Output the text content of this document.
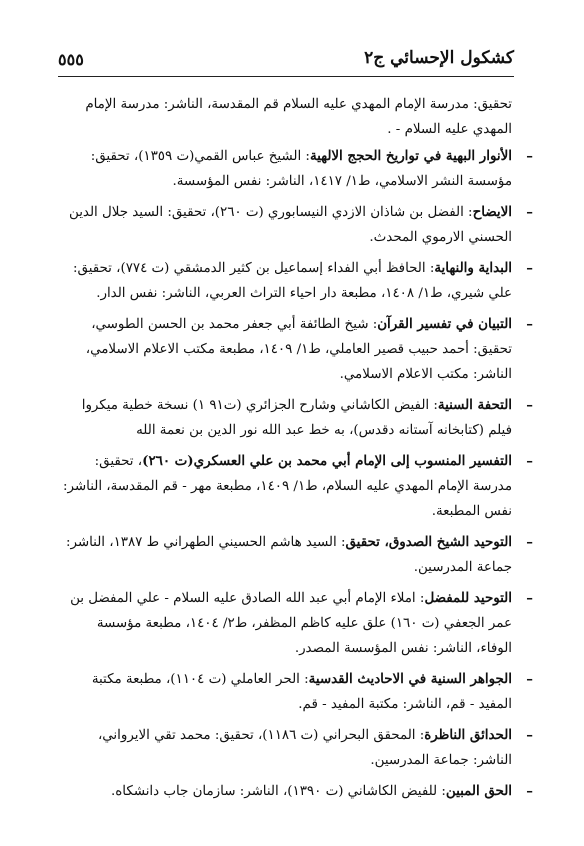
كشكول الإحسائي ج٢
٥٥٥

تحقيق: مدرسة الإمام المهدي عليه السلام قم المقدسة، الناشر: مدرسة الإمام المهدي عليه السلام - .

– الأنوار البهية في تواريخ الحجج الالهية: الشيخ عباس القمي(ت ١٣٥٩)، تحقيق: مؤسسة النشر الاسلامي، ط١/ ١٤١٧، الناشر: نفس المؤسسة.

– الايضاح: الفضل بن شاذان الازدي النيسابوري (ت ٢٦٠)، تحقيق: السيد جلال الدين الحسني الارموي المحدث.

– البداية والنهاية: الحافظ أبي الفداء إسماعيل بن كثير الدمشقي (ت ٧٧٤)، تحقيق: علي شيري، ط١/ ١٤٠٨، مطبعة دار احياء التراث العربي، الناشر: نفس الدار.

– التبيان في تفسير القرآن: شيخ الطائفة أبي جعفر محمد بن الحسن الطوسي، تحقيق: أحمد حبيب قصير العاملي، ط١/ ١٤٠٩، مطبعة مكتب الاعلام الاسلامي، الناشر: مكتب الاعلام الاسلامي.

– التحفة السنية: الفيض الكاشاني وشارح الجزائري (ت٩١ ١) نسخة خطية ميكروا فيلم (كتابخانه آستانه دقدس)، به خط عبد الله نور الدين بن نعمة الله

– التفسير المنسوب إلى الإمام أبي محمد بن علي العسكري(ت ٢٦٠)، تحقيق: مدرسة الإمام المهدي عليه السلام، ط١/ ١٤٠٩، مطبعة مهر - قم المقدسة، الناشر: نفس المطبعة.

– التوحيد الشيخ الصدوق، تحقيق: السيد هاشم الحسيني الطهراني ط ١٣٨٧، الناشر: جماعة المدرسين.

– التوحيد للمفضل: املاء الإمام أبي عبد الله الصادق عليه السلام - علي المفضل بن عمر الجعفي (ت ١٦٠) علق عليه كاظم المظفر، ط٢/ ١٤٠٤، مطبعة مؤسسة الوفاء، الناشر: نفس المؤسسة المصدر.

– الجواهر السنية في الاحاديث القدسية: الحر العاملي (ت ١١٠٤)، مطبعة مكتبة المفيد - قم، الناشر: مكتبة المفيد - قم.

– الحدائق الناظرة: المحقق البحراني (ت ١١٨٦)، تحقيق: محمد تقي الايرواني، الناشر: جماعة المدرسين.

– الحق المبين: للفيض الكاشاني (ت ١٣٩٠)، الناشر: سازمان جاب دانشكاه.
